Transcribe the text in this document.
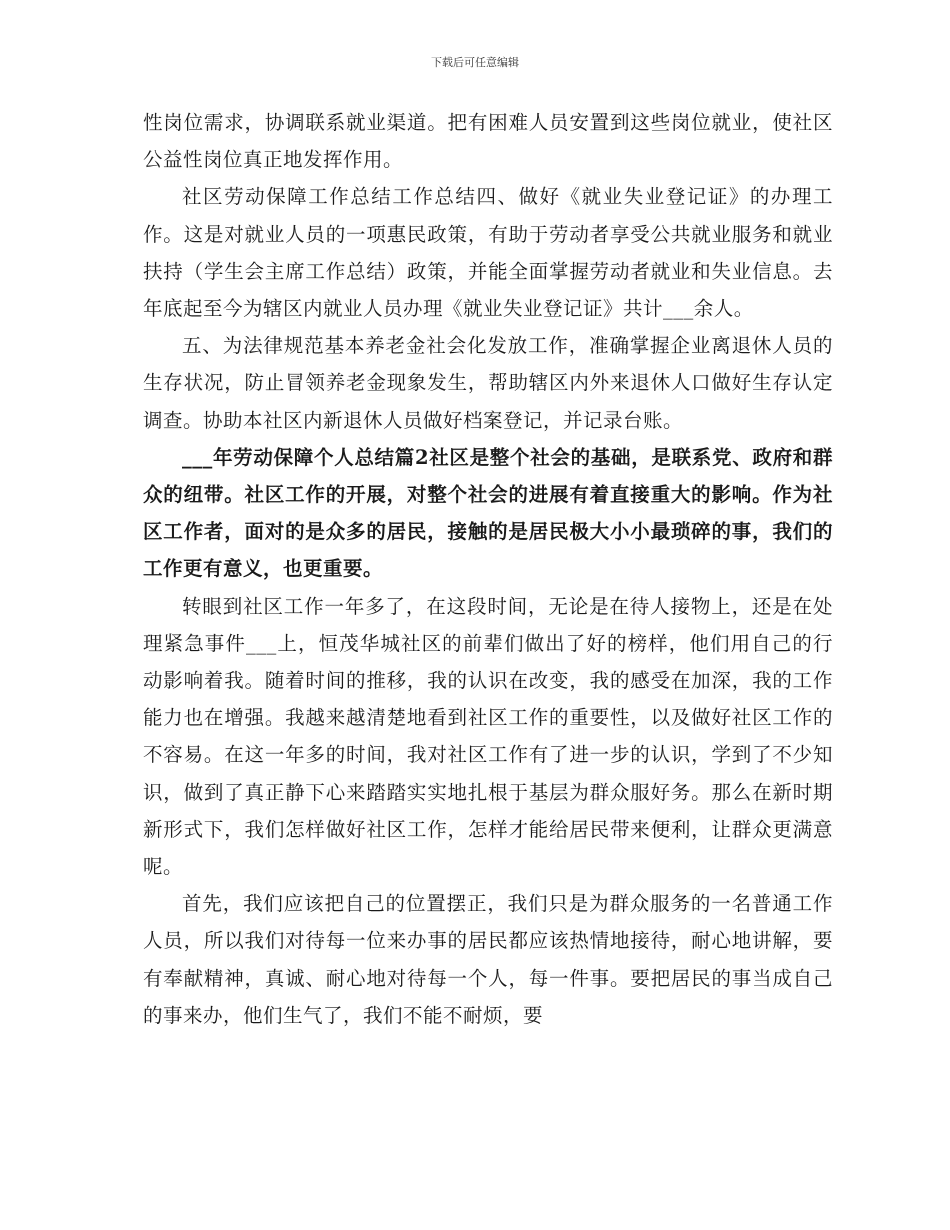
下载后可任意编辑

性岗位需求，协调联系就业渠道。把有困难人员安置到这些岗位就业，使社区公益性岗位真正地发挥作用。

社区劳动保障工作总结工作总结四、做好《就业失业登记证》的办理工作。这是对就业人员的一项惠民政策，有助于劳动者享受公共就业服务和就业扶持（学生会主席工作总结）政策，并能全面掌握劳动者就业和失业信息。去年底起至今为辖区内就业人员办理《就业失业登记证》共计___余人。

五、为法律规范基本养老金社会化发放工作，准确掌握企业离退休人员的生存状况，防止冒领养老金现象发生，帮助辖区内外来退休人口做好生存认定调查。协助本社区内新退休人员做好档案登记，并记录台账。

___年劳动保障个人总结篇2社区是整个社会的基础，是联系党、政府和群众的纽带。社区工作的开展，对整个社会的进展有着直接重大的影响。作为社区工作者，面对的是众多的居民，接触的是居民极大小小最琐碎的事，我们的工作更有意义，也更重要。

转眼到社区工作一年多了，在这段时间，无论是在待人接物上，还是在处理紧急事件___上，恒茂华城社区的前辈们做出了好的榜样，他们用自己的行动影响着我。随着时间的推移，我的认识在改变，我的感受在加深，我的工作能力也在增强。我越来越清楚地看到社区工作的重要性，以及做好社区工作的不容易。在这一年多的时间，我对社区工作有了进一步的认识，学到了不少知识，做到了真正静下心来踏踏实实地扎根于基层为群众服好务。那么在新时期新形式下，我们怎样做好社区工作，怎样才能给居民带来便利，让群众更满意呢。

首先，我们应该把自己的位置摆正，我们只是为群众服务的一名普通工作人员，所以我们对待每一位来办事的居民都应该热情地接待，耐心地讲解，要有奉献精神，真诚、耐心地对待每一个人，每一件事。要把居民的事当成自己的事来办，他们生气了，我们不能不耐烦，要
